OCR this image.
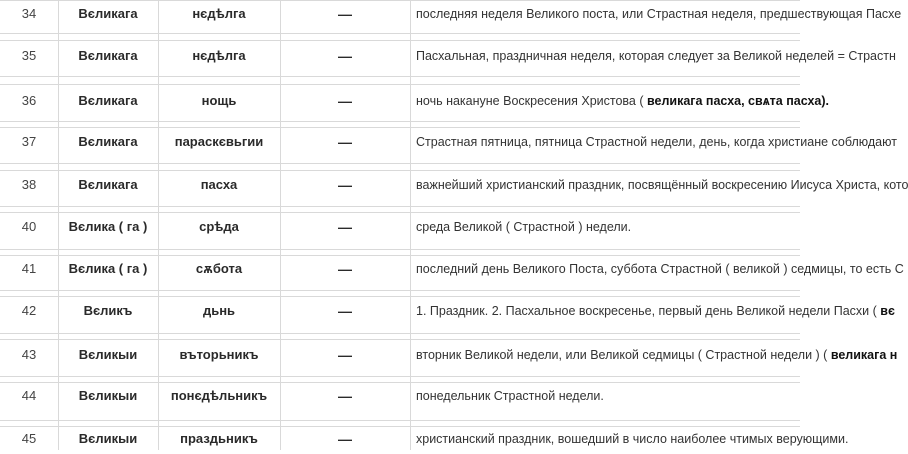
34	Вєликага	нєдѣлга	—	последняя неделя Великого поста, или Страстная неделя, предшествующая Пасхе
35	Вєликага	нєдѣлга	—	Пасхальная, праздничная неделя, которая следует за Великой неделей = Страстн
36	Вєликага	нощь	—	ночь накануне Воскресения Христова ( великага пасха, свѧта пасха).
37	Вєликага	параскєвьгии	—	Страстная пятница, пятница Страстной недели, день, когда христиане соблюдают
38	Вєликага	пасха	—	важнейший христианский праздник, посвящённый воскресению Иисуса Христа, кото
40	Вєлика ( га )	срѣда	—	среда Великой ( Страстной ) недели.
41	Вєлика ( га )	сѫбота	—	последний день Великого Поста, суббота Страстной ( великой ) седмицы, то есть С
42	Вєликъ	дьнь	—	1. Праздник. 2. Пасхальное воскресенье, первый день Великой недели Пасхи ( вє
43	Вєликыи	въторьникъ	—	вторник Великой недели, или Великой седмицы ( Страстной недели ) ( великага н
44	Вєликыи	понєдѣльникъ	—	понедельник Страстной недели.
45	Вєликыи	праздьникъ	—	христианский праздник, вошедший в число наиболее чтимых верующими.
